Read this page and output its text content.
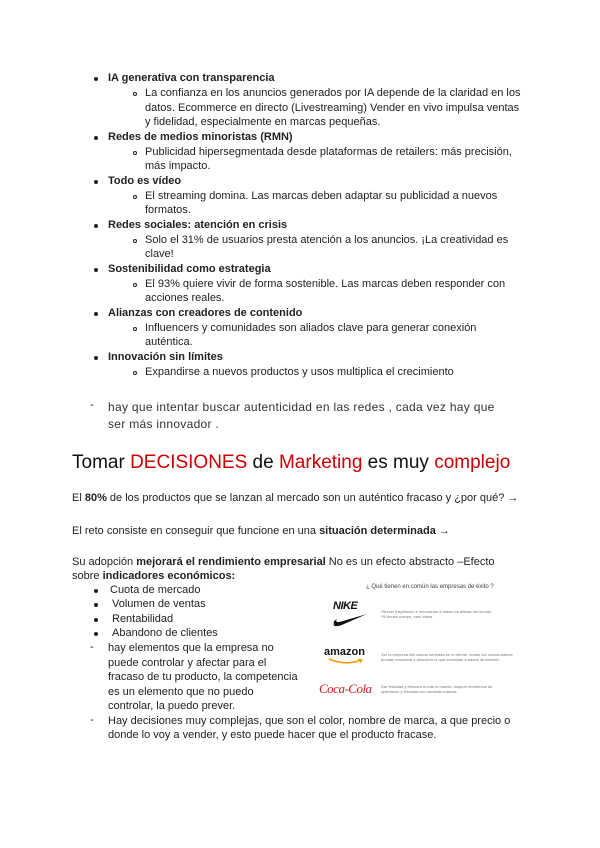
IA generativa con transparencia
La confianza en los anuncios generados por IA depende de la claridad en los
datos. Ecommerce en directo (Livestreaming) Vender en vivo impulsa ventas
y fidelidad, especialmente en marcas pequeñas.
Redes de medios minoristas (RMN)
Publicidad hipersegmentada desde plataformas de retailers: más precisión,
más impacto.
Todo es vídeo
El streaming domina. Las marcas deben adaptar su publicidad a nuevos
formatos.
Redes sociales: atención en crisis
Solo el 31% de usuarios presta atención a los anuncios. ¡La creatividad es
clave!
Sostenibilidad como estrategia
El 93% quiere vivir de forma sostenible. Las marcas deben responder con
acciones reales.
Alianzas con creadores de contenido
Influencers y comunidades son aliados clave para generar conexión
auténtica.
Innovación sin límites
Expandirse a nuevos productos y usos multiplica el crecimiento
- hay que intentar buscar autenticidad en las redes , cada vez hay que
ser más innovador .
Tomar DECISIONES de Marketing es muy complejo
El 80% de los productos que se lanzan al mercado son un auténtico fracaso y ¿por qué? →
El reto consiste en conseguir que funcione en una situación determinada →
Su adopción mejorará el rendimiento empresarial No es un efecto abstracto –Efecto
sobre indicadores económicos:
Cuota de mercado
Volumen de ventas
Rentabilidad
Abandono de clientes
- hay elementos que la empresa no
puede controlar y afectar para el
fracaso de tu producto, la competencia
es un elemento que no puedo
controlar, la puedo prever.
- Hay decisiones muy complejas, que son el color, nombre de marca, a que precio o
donde lo voy a vender, y esto puede hacer que el producto fracase.
¿ Qué tienen en común las empresas de éxito ?
NIKE	Ofrecer inspiración e innovación a todos los atletas del mundo.
*Si tienes cuerpo, eres atleta.
amazon	Ser la empresa del mundo centrada en el cliente, donde los consumidores
puedan encontrar y descubrir lo que necesitan a través de internet.
Coca-Cola Dar felicidad y frescura a todo el mundo, inspirar momentos de
optimismo y felicidad con nuestras marcas.
